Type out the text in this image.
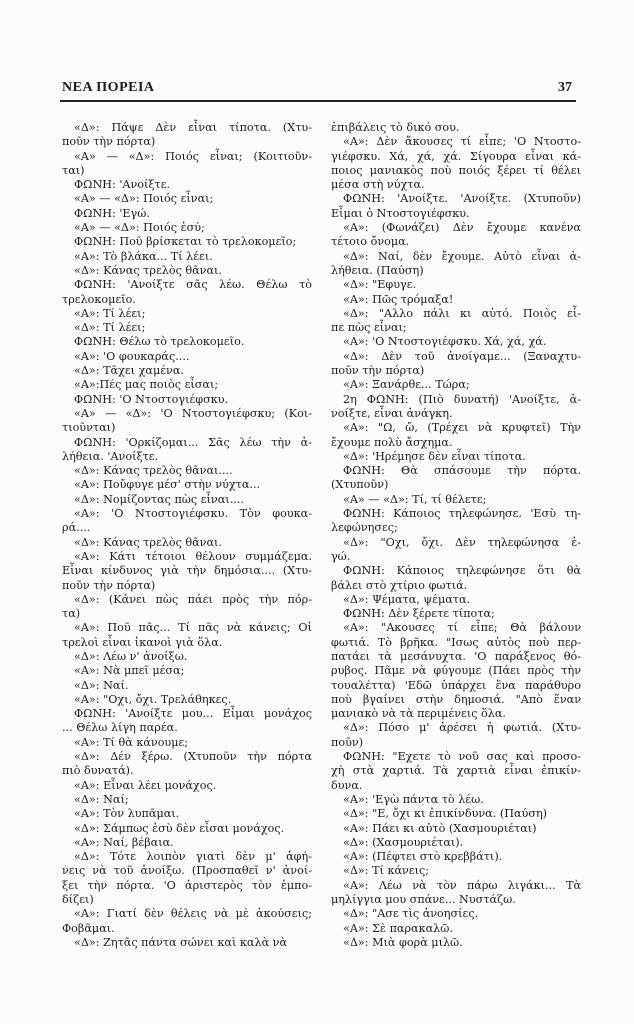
ΝΕΑ ΠΟΡΕΙΑ	37
«Δ»: Πάψε Δὲν εἶναι τίποτα. (Χτυ-
ποῦν τὴν πόρτα)
«Α» — «Δ»: Ποιός εἶναι; (Κοιτιοῦν-
ται)
ΦΩΝΗ: 'Ανοίξτε.
«Α» — «Δ»: Ποιός εἶναι;
ΦΩΝΗ: 'Εγώ.
«Α» — «Δ»: Ποιός ἐσύ;
ΦΩΝΗ: Ποῦ βρίσκεται τὸ τρελοκομεῖο;
«Α»: Τὸ βλάκα... Τί λέει.
«Δ»: Κάνας τρελὸς θᾶναι.
ΦΩΝΗ: 'Ανοίξτε σᾶς λέω. Θέλω τὸ
τρελοκομεῖο.
«Α»: Τί λέει;
«Δ»: Τί λέει;
ΦΩΝΗ: Θέλω τὸ τρελοκομεῖο.
«Α»: 'Ο φουκαράς....
«Δ»: Τᾶχει χαμένα.
«Α»:Πές μας ποιὸς εἶσαι;
ΦΩΝΗ: 'Ο Ντοστογιέφσκυ.
«Α» — «Δ»: 'Ο Ντοστογιέφσκυ; (Κοι-
τιοῦνται)
ΦΩΝΗ: 'Ορκίζομαι... Σᾶς λέω τὴν ἀ-
λήθεια. 'Ανοίξτε.
«Δ»: Κάνας τρελὸς θᾶναι....
«Α»: Ποὔφυγε μέσ' στὴν νύχτα...
«Δ»: Νομίζοντας πὼς εἶναι....
«Α»: 'Ο Ντοστογιέφσκυ. Τὸν φουκα-
ρά....
«Δ»: Κάνας τρελὸς θᾶναι.
«Α»: Κάτι τέτοιοι θέλουν συμμάζεμα.
Εἶναι κίνδυνος γιὰ τὴν δημόσια.... (Χτυ-
ποῦν τὴν πόρτα)
«Δ»: (Κάνει πὼς πάει πρὸς τὴν πόρ-
τα)
«Α»: Ποῦ πᾶς... Τί πᾶς νὰ κάνεις; Οἱ
τρελοὶ εἶναι ἱκανοὶ γιὰ ὅλα.
«Δ»: Λέω ν' ἀνοίξω.
«Α»: Νὰ μπεῖ μέσα;
«Δ»: Ναί.
«Α»: "Οχι, ὄχι. Τρελάθηκες.
ΦΩΝΗ: 'Ανοίξτε μου... Εἶμαι μονάχος
... Θέλω λίγη παρέα.
«Α»: Τί θὰ κάνουμε;
«Δ»: Δέν ξέρω. (Χτυποῦν τὴν πόρτα
πιὸ δυνατά).
«Α»: Εἶναι λέει μονάχος.
«Δ»: Ναί;
«Α»: Τὸν λυπᾶμαι.
«Δ»: Σάμπως ἐσὺ δὲν εἶσαι μονάχος.
«Α»: Ναί, βέβαια.
«Δ»: Τότε λοιπὸν γιατὶ δὲν μ' ἀφή-
νεις νὰ τοῦ ἀνοίξω. (Προσπαθεῖ ν' ἀνοί-
ξει τὴν πόρτα. 'Ο ἀριστερὸς τὸν ἐμπο-
δίζει)
«Α»: Γιατί δὲν θέλεις νὰ μὲ ἀκούσεις;
Φοβᾶμαι.
«Δ»: Ζητᾶς πάντα σώνει καὶ καλὰ νὰ
ἐπιβάλεις τὸ δικό σου.
«Α»: Δὲν ἄκουσες τί εἶπε; 'Ο Ντοστο-
γιέφσκυ. Χά, χά, χά. Σίγουρα εἶναι κά-
ποιος μανιακὸς ποὺ ποιός ξέρει τί θέλει
μέσα στὴ νύχτα.
ΦΩΝΗ: 'Ανοίξτε. 'Ανοίξτε. (Χτυποῦν)
Εἶμαι ὁ Ντοστογιέφσκυ.
«Α»: (Φωνάζει) Δὲν ἔχουμε κανένα
τέτοιο ὄνομα.
«Δ»: Ναί, δὲν ἔχουμε. Αὐτὸ εἶναι ἀ-
λήθεια. (Παύση)
«Δ»: "Εφυγε.
«Α»: Πῶς τρόμαξα!
«Δ»: "Αλλο πάλι κι αὐτό. Ποιὸς εἶ-
πε πὼς εἶναι;
«Α»: 'Ο Ντοστογιέφσκυ. Χά, χά, χά.
«Δ»: Δὲν τοῦ ἀνοίγαμε... (Ξαναχτυ-
ποῦν τὴν πόρτα)
«Α»: Ξανάρθε... Τώρα;
2η ΦΩΝΗ: (Πιὸ δυνατή) 'Ανοίξτε, ἀ-
νοίξτε, εἶναι ἀνάγκη.
«Α»: "Ω, ὤ, (Τρέχει νὰ κρυφτεῖ) Τὴν
ἔχουμε πολὺ ἄσχημα.
«Δ»: 'Ηρέμησε δὲν εἶναι τίποτα.
ΦΩΝΗ: Θὰ σπάσουμε τὴν πόρτα.
(Χτυποῦν)
«Α» — «Δ»: Τί, τί θέλετε;
ΦΩΝΗ: Κάποιος τηλεφώνησε. 'Εσὺ τη-
λεφώνησες;
«Δ»: "Οχι, ὄχι. Δὲν τηλεφώνησα ἐ-
γώ.
ΦΩΝΗ: Κάποιος τηλεφώνησε ὅτι θὰ
βάλει στὸ χτίριο φωτιά.
«Δ»: Ψέματα, ψέματα.
ΦΩΝΗ: Δὲν ξέρετε τίποτα;
«Α»: "Ακουσες τί εἶπε; Θὰ βάλουν
φωτιά. Τὸ βρῆκα. "Ισως αὐτὸς ποὺ περ-
πατάει τὰ μεσάνυχτα. 'Ο παράξενος θό-
ρυβος. Πᾶμε νὰ φύγουμε (Πάει πρὸς τὴν
τουαλέττα) 'Εδῶ ὑπάρχει ἕνα παράθυρο
ποὺ βγαίνει στὴν δημοσιά. "Απὸ ἕναν
μανιακὸ νὰ τὰ περιμένεις ὅλα.
«Δ»: Πόσο μ' ἀρέσει ἡ φωτιά. (Χτυ-
ποῦν)
ΦΩΝΗ: "Εχετε τὸ νοῦ σας καὶ προσο-
χὴ στὰ χαρτιά. Τὰ χαρτιὰ εἶναι ἐπικίν-
δυνα.
«Α»: 'Εγὼ πάντα τὸ λέω.
«Δ»: "Ε, ὄχι κι ἐπικίνδυνα. (Παύση)
«Α»: Πάει κι αὐτὸ (Χασμουριέται)
«Δ»: (Χασμουριέται).
«Α»: (Πέφτει στὸ κρεββάτι).
«Δ»: Τί κάνεις;
«Α»: Λέω νὰ τὸν πάρω λιγάκι... Τὰ
μηλίγγια μου σπάνε... Νυστάζω.
«Δ»: "Ασε τὶς ἀνοησίες.
«Α»: Σὲ παρακαλῶ.
«Δ»: Μιὰ φορὰ μιλῶ.
